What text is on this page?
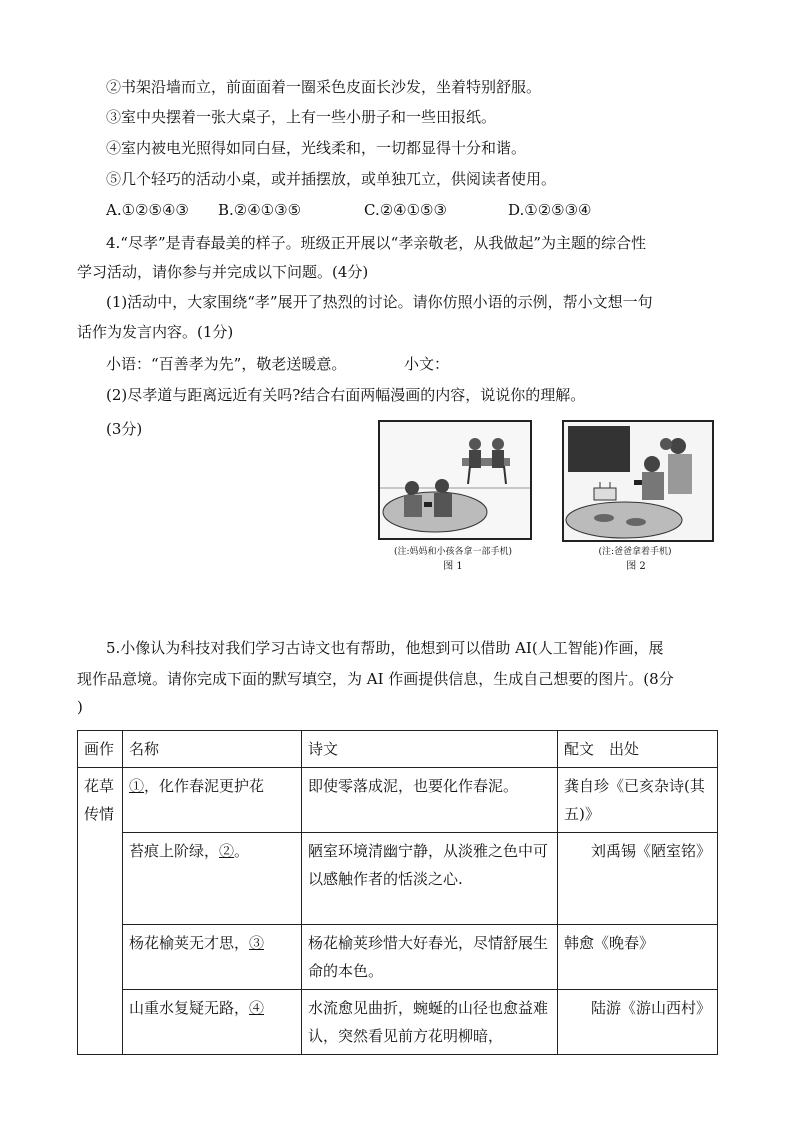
②书架沿墙而立，前面面着一圈采色皮面长沙发，坐着特别舒服。
③室中央摆着一张大桌子，上有一些小册子和一些田报纸。
④室内被电光照得如同白昼，光线柔和，一切都显得十分和谐。
⑤几个轻巧的活动小桌，或并插摆放，或单独兀立，供阅读者使用。
A.①②⑤④③ B.②④①③⑤	C.②④①⑤③	D.①②⑤③④
4.“尽孝”是青春最美的样子。班级正开展以“孝亲敬老，从我做起”为主题的综合性
学习活动，请你参与并完成以下问题。(4分)
(1)活动中，大家围绕“孝”展开了热烈的讨论。请你仿照小语的示例，帮小文想一句
话作为发言内容。(1分)
小语：“百善孝为先”，敬老送暖意。	小文：
(2)尽孝道与距离远近有关吗?结合右面两幅漫画的内容，说说你的理解。
(3分)
(注:妈妈和小孩各拿一部手机)
图 1
(注:爸爸拿着手机)
图 2
5.小像认为科技对我们学习古诗文也有帮助，他想到可以借助 AI(人工智能)作画，展
现作品意境。请你完成下面的默写填空，为 AI 作画提供信息，生成自己想要的图片。(8分
)
画作	名称	诗文	配文　出处
花草传情	①，化作春泥更护花	即使零落成泥，也要化作春泥。	龚自珍《已亥杂诗(其五)》
	苔痕上阶绿，②。	陋室环境清幽宁静，从淡雅之色中可以感触作者的恬淡之心.	刘禹锡《陋室铭》
	杨花榆荚无才思，③	杨花榆荚珍惜大好春光，尽情舒展生命的本色。	韩愈《晚春》
	山重水复疑无路，④	水流愈见曲折，蜿蜒的山径也愈益难认，突然看见前方花明柳暗，	陆游《游山西村》
